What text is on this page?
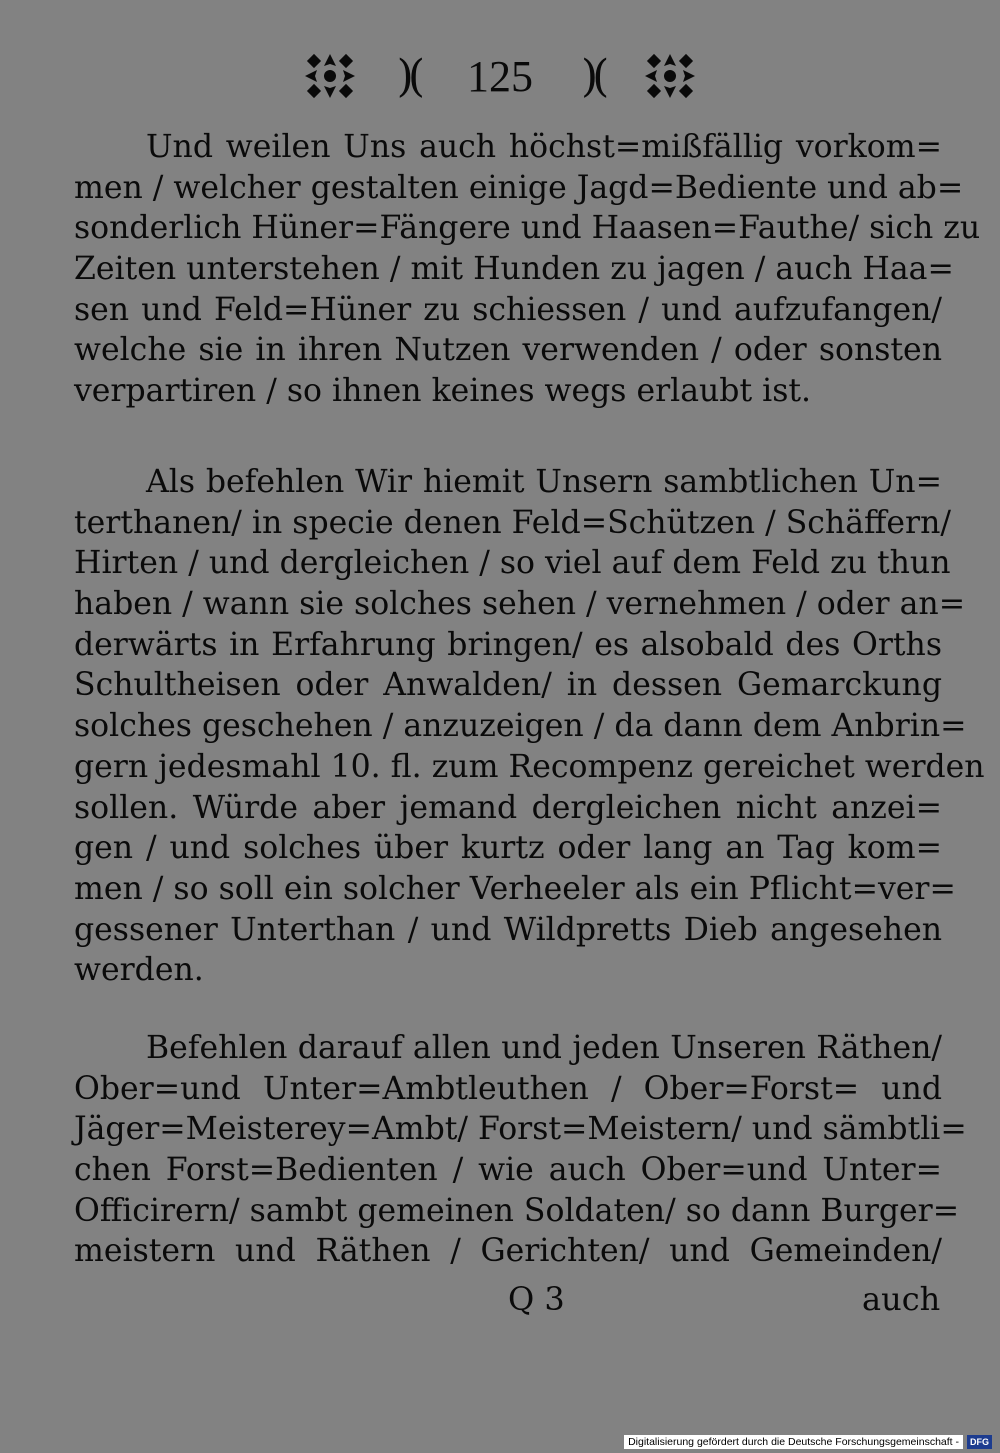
)( 125 )(
Und weilen Uns auch höchst=mißfällig vorkom=
men / welcher gestalten einige Jagd=Bediente und ab=
sonderlich Hüner=Fängere und Haasen=Fauthe/ sich zu
Zeiten unterstehen / mit Hunden zu jagen / auch Haa=
sen und Feld=Hüner zu schiessen / und aufzufangen/
welche sie in ihren Nutzen verwenden / oder sonsten
verpartiren / so ihnen keines wegs erlaubt ist.
Als befehlen Wir hiemit Unsern sambtlichen Un=
terthanen/ in specie denen Feld=Schützen / Schäffern/
Hirten / und dergleichen / so viel auf dem Feld zu thun
haben / wann sie solches sehen / vernehmen / oder an=
derwärts in Erfahrung bringen/ es alsobald des Orths
Schultheisen oder Anwalden/ in dessen Gemarckung
solches geschehen / anzuzeigen / da dann dem Anbrin=
gern jedesmahl 10. fl. zum Recompenz gereichet werden
sollen. Würde aber jemand dergleichen nicht anzei=
gen / und solches über kurtz oder lang an Tag kom=
men / so soll ein solcher Verheeler als ein Pflicht=ver=
gessener Unterthan / und Wildpretts Dieb angesehen
werden.
Befehlen darauf allen und jeden Unseren Räthen/
Ober=und Unter=Ambtleuthen / Ober=Forst= und
Jäger=Meisterey=Ambt/ Forst=Meistern/ und sämbtli=
chen Forst=Bedienten / wie auch Ober=und Unter=
Officirern/ sambt gemeinen Soldaten/ so dann Burger=
meistern und Räthen / Gerichten/ und Gemeinden/
Q 3	auch
Digitalisierung gefördert durch die Deutsche Forschungsgemeinschaft -	DFG
